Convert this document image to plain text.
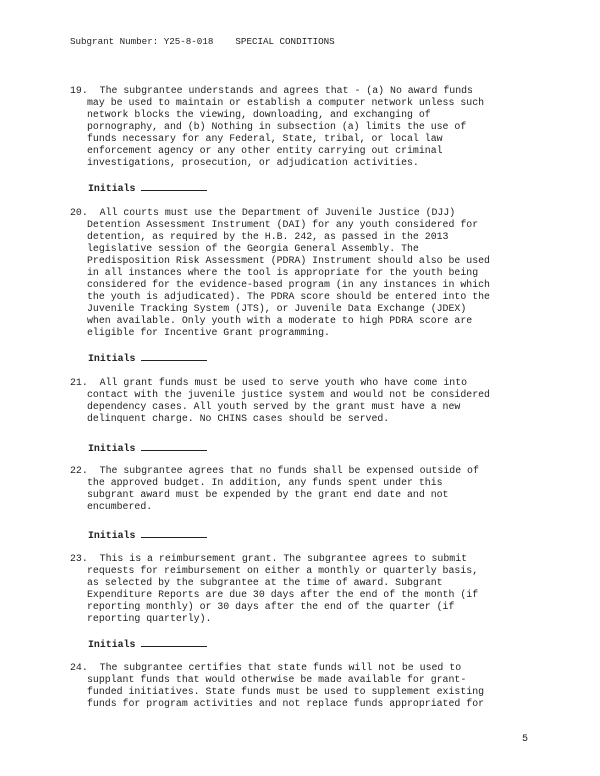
Subgrant Number: Y25-8-018 SPECIAL CONDITIONS
19.  The subgrantee understands and agrees that - (a) No award funds
may be used to maintain or establish a computer network unless such
network blocks the viewing, downloading, and exchanging of
pornography, and (b) Nothing in subsection (a) limits the use of
funds necessary for any Federal, State, tribal, or local law
enforcement agency or any other entity carrying out criminal
investigations, prosecution, or adjudication activities.
Initials
20.  All courts must use the Department of Juvenile Justice (DJJ)
Detention Assessment Instrument (DAI) for any youth considered for
detention, as required by the H.B. 242, as passed in the 2013
legislative session of the Georgia General Assembly. The
Predisposition Risk Assessment (PDRA) Instrument should also be used
in all instances where the tool is appropriate for the youth being
considered for the evidence-based program (in any instances in which
the youth is adjudicated). The PDRA score should be entered into the
Juvenile Tracking System (JTS), or Juvenile Data Exchange (JDEX)
when available. Only youth with a moderate to high PDRA score are
eligible for Incentive Grant programming.
Initials
21.  All grant funds must be used to serve youth who have come into
contact with the juvenile justice system and would not be considered
dependency cases. All youth served by the grant must have a new
delinquent charge. No CHINS cases should be served.
Initials
22.  The subgrantee agrees that no funds shall be expensed outside of
the approved budget. In addition, any funds spent under this
subgrant award must be expended by the grant end date and not
encumbered.
Initials
23.  This is a reimbursement grant. The subgrantee agrees to submit
requests for reimbursement on either a monthly or quarterly basis,
as selected by the subgrantee at the time of award. Subgrant
Expenditure Reports are due 30 days after the end of the month (if
reporting monthly) or 30 days after the end of the quarter (if
reporting quarterly).
Initials
24.  The subgrantee certifies that state funds will not be used to
supplant funds that would otherwise be made available for grant-
funded initiatives. State funds must be used to supplement existing
funds for program activities and not replace funds appropriated for
5
